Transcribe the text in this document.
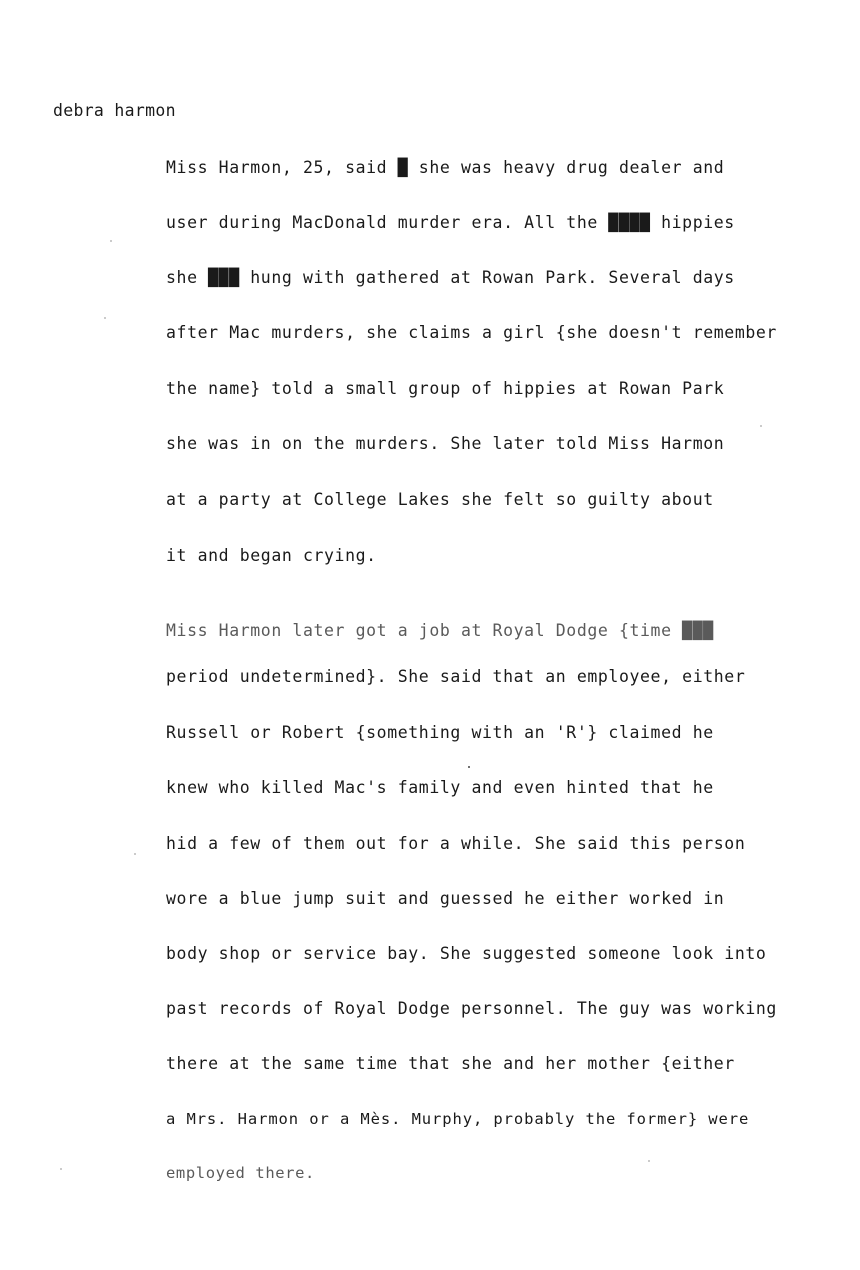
debra harmon
Miss Harmon, 25, said █ she was heavy drug dealer and
user during MacDonald murder era. All the ████ hippies
she ███ hung with gathered at Rowan Park. Several days
after Mac murders, she claims a girl {she doesn't remember
the name} told a small group of hippies at Rowan Park
she was in on the murders. She later told Miss Harmon
at a party at College Lakes she felt so guilty about
it and began crying.
Miss Harmon later got a job at Royal Dodge {time ███
period undetermined}. She said that an employee, either
Russell or Robert {something with an 'R'} claimed he
knew who killed Mac's family and even hinted that he
hid a few of them out for a while. She said this person
wore a blue jump suit and guessed he either worked in
body shop or service bay. She suggested someone look into
past records of Royal Dodge personnel. The guy was working
there at the same time that she and her mother {either
a Mrs. Harmon or a Mès. Murphy, probably the former} were
employed there.
